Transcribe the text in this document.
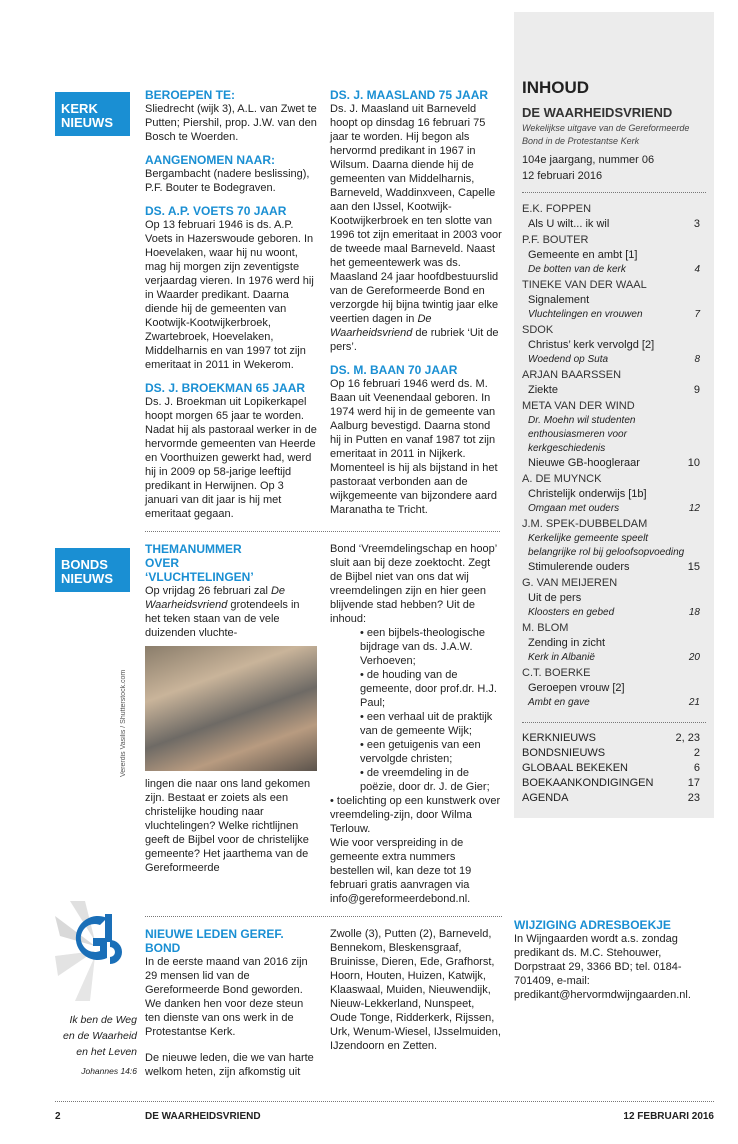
KERK NIEUWS
BEROEPEN TE:

Sliedrecht (wijk 3), A.L. van Zwet te Putten; Piershil, prop. J.W. van den Bosch te Woerden.

AANGENOMEN NAAR:

Bergambacht (nadere beslissing), P.F. Bouter te Bodegraven.

DS. A.P. VOETS 70 JAAR

Op 13 februari 1946 is ds. A.P. Voets in Hazerswoude geboren. In Hoevelaken, waar hij nu woont, mag hij morgen zijn zeventigste verjaardag vieren. In 1976 werd hij in Waarder predikant. Daarna diende hij de gemeenten van Kootwijk-Kootwijkerbroek, Zwartebroek, Hoevelaken, Middelharnis en van 1997 tot zijn emeritaat in 2011 in Wekerom.

DS. J. BROEKMAN 65 JAAR

Ds. J. Broekman uit Lopikerkapel hoopt morgen 65 jaar te worden. Nadat hij als pastoraal werker in de hervormde gemeenten van Heerde en Voorthuizen gewerkt had, werd hij in 2009 op 58-jarige leeftijd predikant in Herwijnen. Op 3 januari van dit jaar is hij met emeritaat gegaan.

DS. J. MAASLAND 75 JAAR

Ds. J. Maasland uit Barneveld hoopt op dinsdag 16 februari 75 jaar te worden. Hij begon als hervormd predikant in 1967 in Wilsum. Daarna diende hij de gemeenten van Middelharnis, Barneveld, Waddinxveen, Capelle aan den IJssel, Kootwijk-Kootwijkerbroek en ten slotte van 1996 tot zijn emeritaat in 2003 voor de tweede maal Barneveld. Naast het gemeentewerk was ds. Maasland 24 jaar hoofdbestuurslid van de Gereformeerde Bond en verzorgde hij bijna twintig jaar elke veertien dagen in De Waarheidsvriend de rubriek ‘Uit de pers’.

DS. M. BAAN 70 JAAR

Op 16 februari 1946 werd ds. M. Baan uit Veenendaal geboren. In 1974 werd hij in de gemeente van Aalburg bevestigd. Daarna stond hij in Putten en vanaf 1987 tot zijn emeritaat in 2011 in Nijkerk. Momenteel is hij als bijstand in het pastoraat verbonden aan de wijkgemeente van bijzondere aard Maranatha te Tricht.

BONDS NIEUWS
THEMANUMMER OVER ‘VLUCHTELINGEN’

Op vrijdag 26 februari zal De Waarheidsvriend grotendeels in het teken staan van de vele duizenden vluchte-

Vererdis Vasilis / Shutterstock.com

lingen die naar ons land gekomen zijn. Bestaat er zoiets als een christelijke houding naar vluchtelingen? Welke richtlijnen geeft de Bijbel voor de christelijke gemeente? Het jaarthema van de Gereformeerde

Bond ‘Vreemdelingschap en hoop’ sluit aan bij deze zoektocht. Zegt de Bijbel niet van ons dat wij vreemdelingen zijn en hier geen blijvende stad hebben? Uit de inhoud:

• een bijbels-theologische bijdrage van ds. J.A.W. Verhoeven;

• de houding van de gemeente, door prof.dr. H.J. Paul;

• een verhaal uit de praktijk van de gemeente Wijk;

• een getuigenis van een vervolgde christen;

• de vreemdeling in de poëzie, door dr. J. de Gier;

• toelichting op een kunstwerk over vreemdeling-zijn, door Wilma Terlouw.

Wie voor verspreiding in de gemeente extra nummers bestellen wil, kan deze tot 19 februari gratis aanvragen via info@gereformeerdebond.nl.

Ik ben de Weg
en de Waarheid
en het Leven
Johannes 14:6
NIEUWE LEDEN GEREF. BOND

In de eerste maand van 2016 zijn 29 mensen lid van de Gereformeerde Bond geworden. We danken hen voor deze steun ten dienste van ons werk in de Protestantse Kerk.

De nieuwe leden, die we van harte welkom heten, zijn afkomstig uit

Zwolle (3), Putten (2), Barneveld, Bennekom, Bleskensgraaf, Bruinisse, Dieren, Ede, Grafhorst, Hoorn, Houten, Huizen, Katwijk, Klaaswaal, Muiden, Nieuwendijk, Nieuw-Lekkerland, Nunspeet, Oude Tonge, Ridderkerk, Rijssen, Urk, Wenum-Wiesel, IJsselmuiden, IJzendoorn en Zetten.
INHOUD
DE WAARHEIDSVRIEND
Wekelijkse uitgave van de Gereformeerde Bond in de Protestantse Kerk
104e jaargang, nummer 06
12 februari 2016
E.K. FOPPEN
Als U wilt... ik wil	3
P.F. BOUTER
Gemeente en ambt [1]
De botten van de kerk	4
TINEKE VAN DER WAAL
Signalement
Vluchtelingen en vrouwen	7
SDOK
Christus’ kerk vervolgd [2]
Woedend op Suta	8
ARJAN BAARSSEN
Ziekte	9
META VAN DER WIND
Dr. Moehn wil studenten enthousiasmeren voor kerkgeschiedenis
Nieuwe GB-hoogleraar	10
A. DE MUYNCK
Christelijk onderwijs [1b]
Omgaan met ouders	12
J.M. SPEK-DUBBELDAM
Kerkelijke gemeente speelt belangrijke rol bij geloofsopvoeding
Stimulerende ouders	15
G. VAN MEIJEREN
Uit de pers
Kloosters en gebed	18
M. BLOM
Zending in zicht
Kerk in Albanië	20
C.T. BOERKE
Geroepen vrouw [2]
Ambt en gave	21
KERKNIEUWS	2, 23
BONDSNIEUWS	2
GLOBAAL BEKEKEN	6
BOEKAANKONDIGINGEN	17
AGENDA	23
WIJZIGING ADRESBOEKJE

In Wijngaarden wordt a.s. zondag predikant ds. M.C. Stehouwer, Dorpstraat 29, 3366 BD; tel. 0184-701409, e-mail: predikant@hervormdwijngaarden.nl.

2	DE WAARHEIDSVRIEND	12 FEBRUARI 2016
